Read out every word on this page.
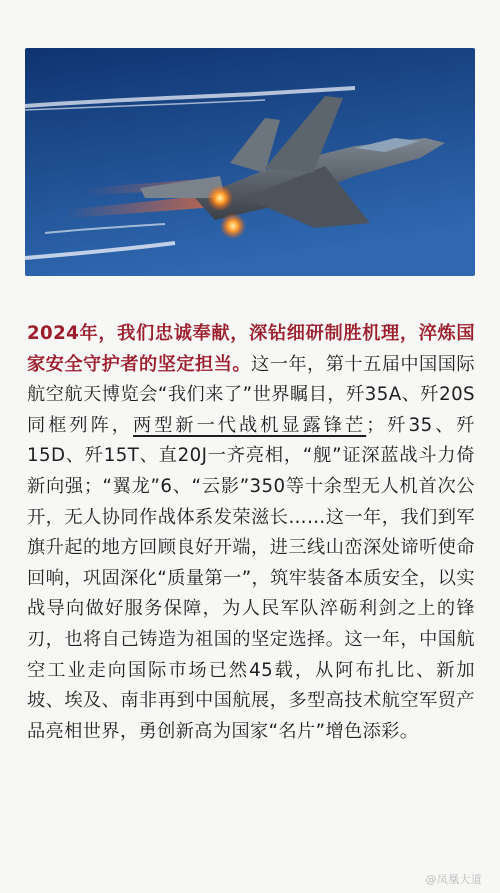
2024年，我们忠诚奉献，深钻细研制胜机理，淬炼国家安全守护者的坚定担当。这一年，第十五届中国国际航空航天博览会“我们来了”世界瞩目，歼35A、歼20S同框列阵，两型新一代战机显露锋芒；歼35、歼15D、歼15T、直20J一齐亮相，“舰”证深蓝战斗力倚新向强；“翼龙”6、“云影”350等十余型无人机首次公开，无人协同作战体系发荣滋长……这一年，我们到军旗升起的地方回顾良好开端，进三线山峦深处谛听使命回响，巩固深化“质量第一”，筑牢装备本质安全，以实战导向做好服务保障，为人民军队淬砺利剑之上的锋刃，也将自己铸造为祖国的坚定选择。这一年，中国航空工业走向国际市场已然45载，从阿布扎比、新加坡、埃及、南非再到中国航展，多型高技术航空军贸产品亮相世界，勇创新高为国家“名片”增色添彩。

@凤凰大道
